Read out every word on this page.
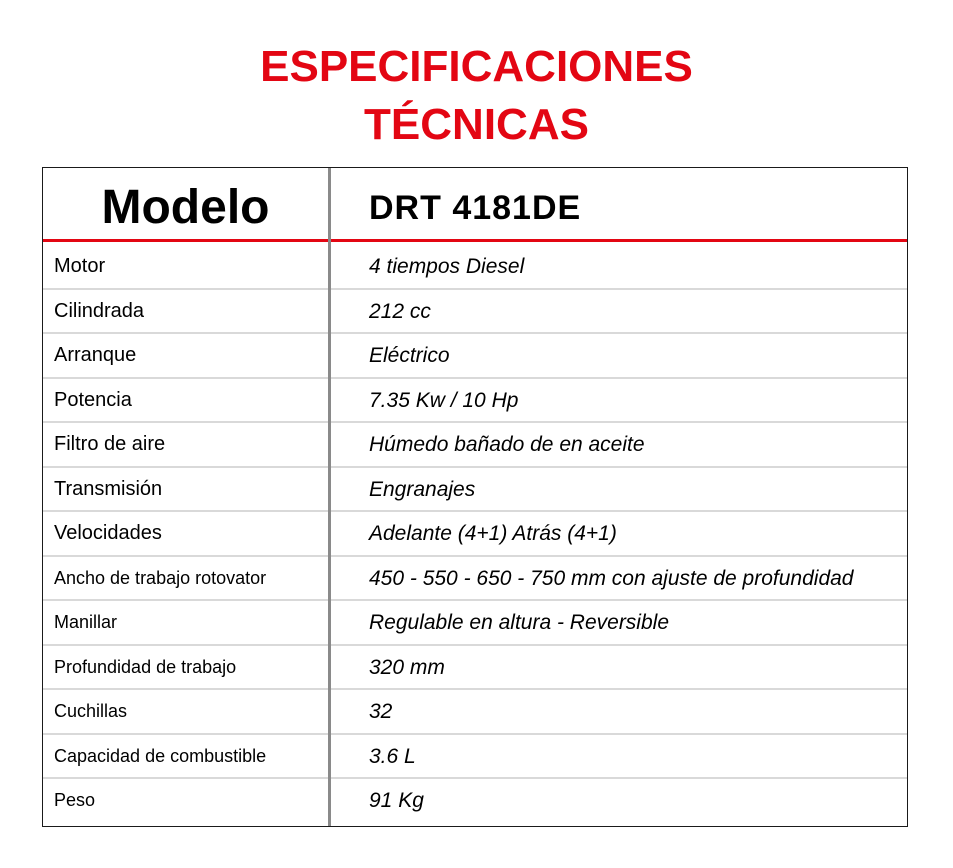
ESPECIFICACIONES
TÉCNICAS
Modelo	DRT 4181DE
Motor	4 tiempos Diesel
Cilindrada	212 cc
Arranque	Eléctrico
Potencia	7.35 Kw / 10 Hp
Filtro de aire	Húmedo bañado de en aceite
Transmisión	Engranajes
Velocidades	Adelante (4+1) Atrás (4+1)
Ancho de trabajo rotovator	450 - 550 - 650 - 750 mm con ajuste de profundidad
Manillar	Regulable en altura - Reversible
Profundidad de trabajo	320 mm
Cuchillas	32
Capacidad de combustible	3.6 L
Peso	91 Kg
